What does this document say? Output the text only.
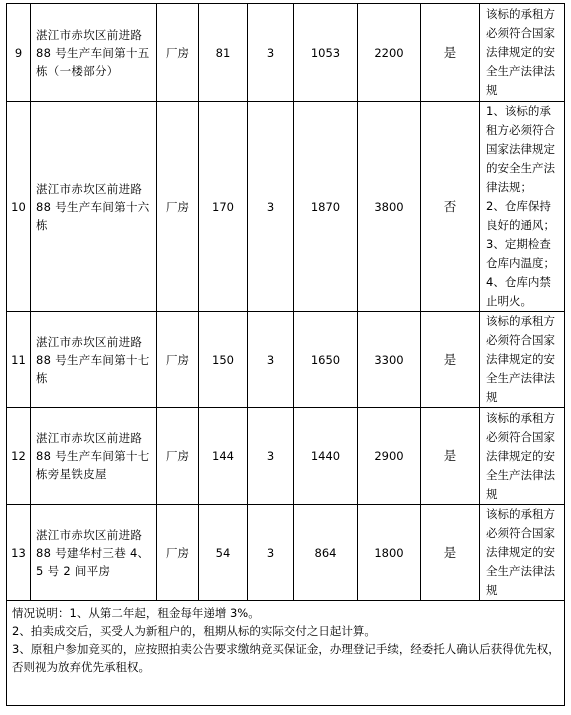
9	湛江市赤坎区前进路 88 号生产车间第十五栋（一楼部分）	厂房	81	3	1053	2200	是	该标的承租方必须符合国家法律规定的安全生产法律法规

10	湛江市赤坎区前进路 88 号生产车间第十六栋	厂房	170	3	1870	3800	否	1、该标的承租方必须符合国家法律规定的安全生产法律法规；
2、仓库保持良好的通风；
3、定期检查仓库内温度；
4、仓库内禁止明火。

11	湛江市赤坎区前进路 88 号生产车间第十七栋	厂房	150	3	1650	3300	是	该标的承租方必须符合国家法律规定的安全生产法律法规

12	湛江市赤坎区前进路 88 号生产车间第十七栋旁星铁皮屋	厂房	144	3	1440	2900	是	该标的承租方必须符合国家法律规定的安全生产法律法规

13	湛江市赤坎区前进路 88 号建华村三巷 4、5 号 2 间平房	厂房	54	3	864	1800	是	该标的承租方必须符合国家法律规定的安全生产法律法规

情况说明：1、从第二年起，租金每年递增 3%。

2、拍卖成交后，买受人为新租户的，租期从标的实际交付之日起计算。

3、原租户参加竞买的，应按照拍卖公告要求缴纳竞买保证金，办理登记手续，经委托人确认后获得优先权，否则视为放弃优先承租权。
